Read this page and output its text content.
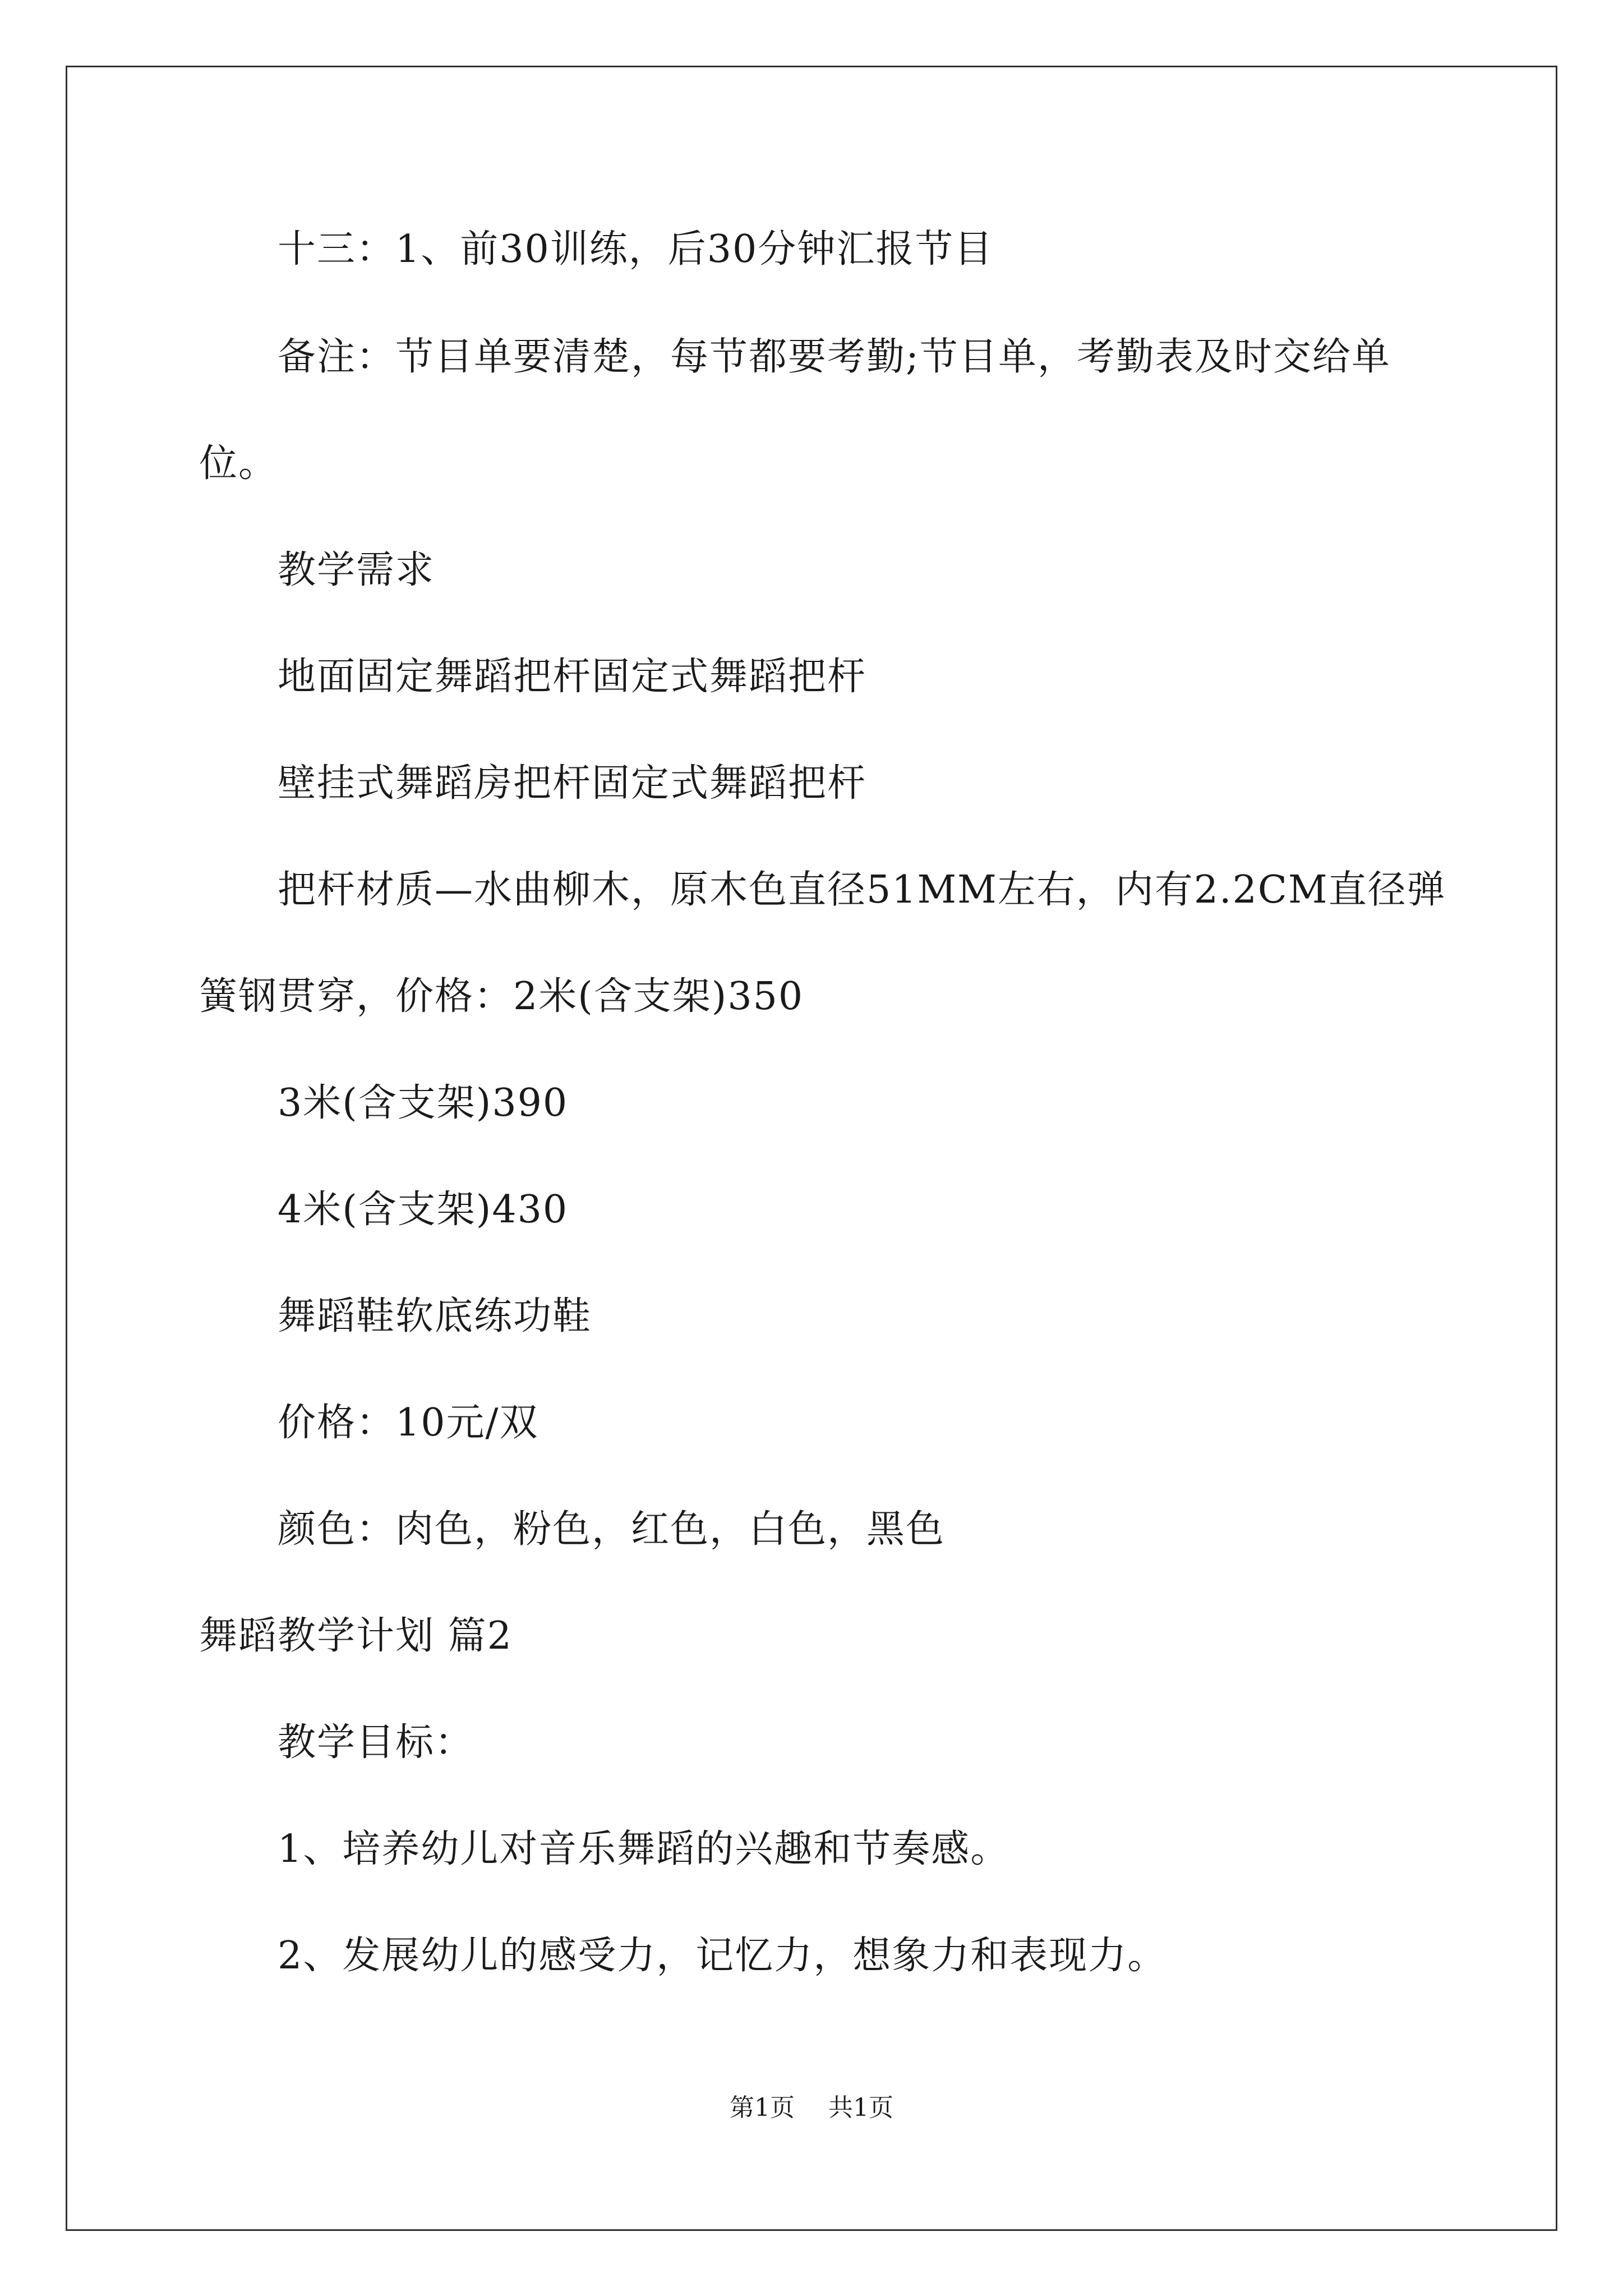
十三：1、前30训练，后30分钟汇报节目
备注：节目单要清楚，每节都要考勤;节目单，考勤表及时交给单
位。
教学需求
地面固定舞蹈把杆固定式舞蹈把杆
壁挂式舞蹈房把杆固定式舞蹈把杆
把杆材质—水曲柳木，原木色直径51MM左右，内有2.2CM直径弹
簧钢贯穿，价格：2米(含支架)350
3米(含支架)390
4米(含支架)430
舞蹈鞋软底练功鞋
价格：10元/双
颜色：肉色，粉色，红色，白色，黑色
舞蹈教学计划 篇2
教学目标：
1、培养幼儿对音乐舞蹈的兴趣和节奏感。
2、发展幼儿的感受力，记忆力，想象力和表现力。
第1页 共1页
